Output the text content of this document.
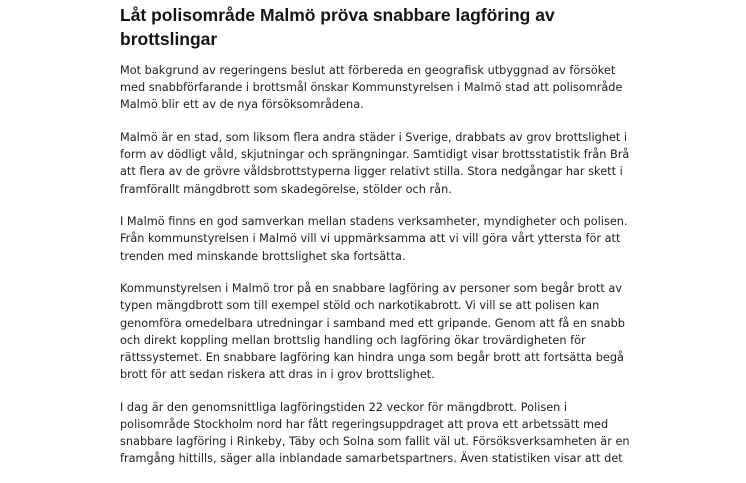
Låt polisområde Malmö pröva snabbare lagföring av
brottslingar

Mot bakgrund av regeringens beslut att förbereda en geografisk utbyggnad av försöket
med snabbförfarande i brottsmål önskar Kommunstyrelsen i Malmö stad att polisområde
Malmö blir ett av de nya försöksområdena.

Malmö är en stad, som liksom flera andra städer i Sverige, drabbats av grov brottslighet i
form av dödligt våld, skjutningar och sprängningar. Samtidigt visar brottsstatistik från Brå
att flera av de grövre våldsbrottstyperna ligger relativt stilla. Stora nedgångar har skett i
framförallt mängdbrott som skadegörelse, stölder och rån.

I Malmö finns en god samverkan mellan stadens verksamheter, myndigheter och polisen.
Från kommunstyrelsen i Malmö vill vi uppmärksamma att vi vill göra vårt yttersta för att
trenden med minskande brottslighet ska fortsätta.

Kommunstyrelsen i Malmö tror på en snabbare lagföring av personer som begår brott av
typen mängdbrott som till exempel stöld och narkotikabrott. Vi vill se att polisen kan
genomföra omedelbara utredningar i samband med ett gripande. Genom att få en snabb
och direkt koppling mellan brottslig handling och lagföring ökar trovärdigheten för
rättssystemet. En snabbare lagföring kan hindra unga som begår brott att fortsätta begå
brott för att sedan riskera att dras in i grov brottslighet.

I dag är den genomsnittliga lagföringstiden 22 veckor för mängdbrott. Polisen i
polisområde Stockholm nord har fått regeringsuppdraget att prova ett arbetssätt med
snabbare lagföring i Rinkeby, Täby och Solna som fallit väl ut. Försöksverksamheten är en
framgång hittills, säger alla inblandade samarbetspartners. Även statistiken visar att det
